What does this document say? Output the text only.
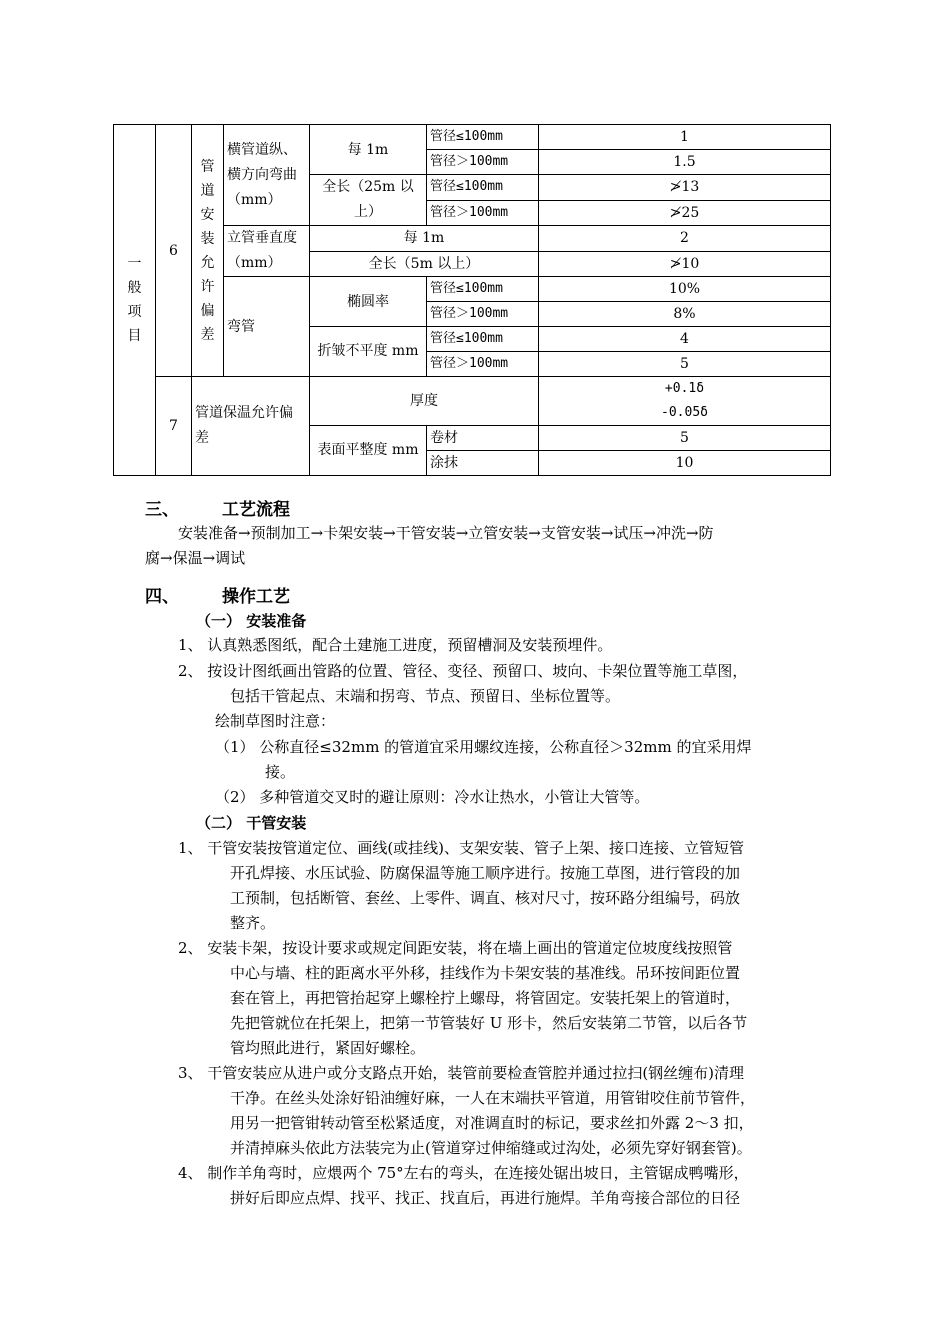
一般项目	6	管道安装允许偏差	横管道纵、横方向弯曲（mm）	每 1m	管径≤100mm	1
					管径＞100mm	1.5
				全长（25m 以上）	管径≤100mm	≯13
					管径＞100mm	≯25
			立管垂直度（mm）	每 1m		2
				全长（5m 以上）		≯10
			弯管	椭圆率	管径≤100mm	10%
					管径＞100mm	8%
				折皱不平度 mm	管径≤100mm	4
					管径＞100mm	5
	7	管道保温允许偏差		厚度		+0.1δ
-0.05δ

				表面平整度 mm	卷材	5
					涂抹	10
三、	工艺流程
安装准备→预制加工→卡架安装→干管安装→立管安装→支管安装→试压→冲洗→防
腐→保温→调试
四、	操作工艺
（一） 安装准备
1、 认真熟悉图纸，配合土建施工进度，预留槽洞及安装预埋件。
2、 按设计图纸画出管路的位置、管径、变径、预留口、坡向、卡架位置等施工草图，
包括干管起点、末端和拐弯、节点、预留日、坐标位置等。
绘制草图时注意：
（1） 公称直径≤32mm 的管道宜采用螺纹连接，公称直径＞32mm 的宜采用焊
接。
（2） 多种管道交叉时的避让原则：冷水让热水，小管让大管等。
（二） 干管安装
1、 干管安装按管道定位、画线(或挂线)、支架安装、管子上架、接口连接、立管短管
开孔焊接、水压试验、防腐保温等施工顺序进行。按施工草图，进行管段的加
工预制，包括断管、套丝、上零件、调直、核对尺寸，按环路分组编号，码放
整齐。
2、 安装卡架，按设计要求或规定间距安装，将在墙上画出的管道定位坡度线按照管
中心与墙、柱的距离水平外移，挂线作为卡架安装的基准线。吊环按间距位置
套在管上，再把管抬起穿上螺栓拧上螺母，将管固定。安装托架上的管道时，
先把管就位在托架上，把第一节管装好 U 形卡，然后安装第二节管，以后各节
管均照此进行，紧固好螺栓。
3、 干管安装应从进户或分支路点开始，装管前要检查管腔并通过拉扫(钢丝缠布)清理
干净。在丝头处涂好铅油缠好麻，一人在末端扶平管道，用管钳咬住前节管件，
用另一把管钳转动管至松紧适度，对准调直时的标记，要求丝扣外露 2～3 扣，
并清掉麻头依此方法装完为止(管道穿过伸缩缝或过沟处，必须先穿好钢套管)。
4、 制作羊角弯时，应煨两个 75°左右的弯头，在连接处锯出坡日，主管锯成鸭嘴形，
拼好后即应点焊、找平、找正、找直后，再进行施焊。羊角弯接合部位的日径
